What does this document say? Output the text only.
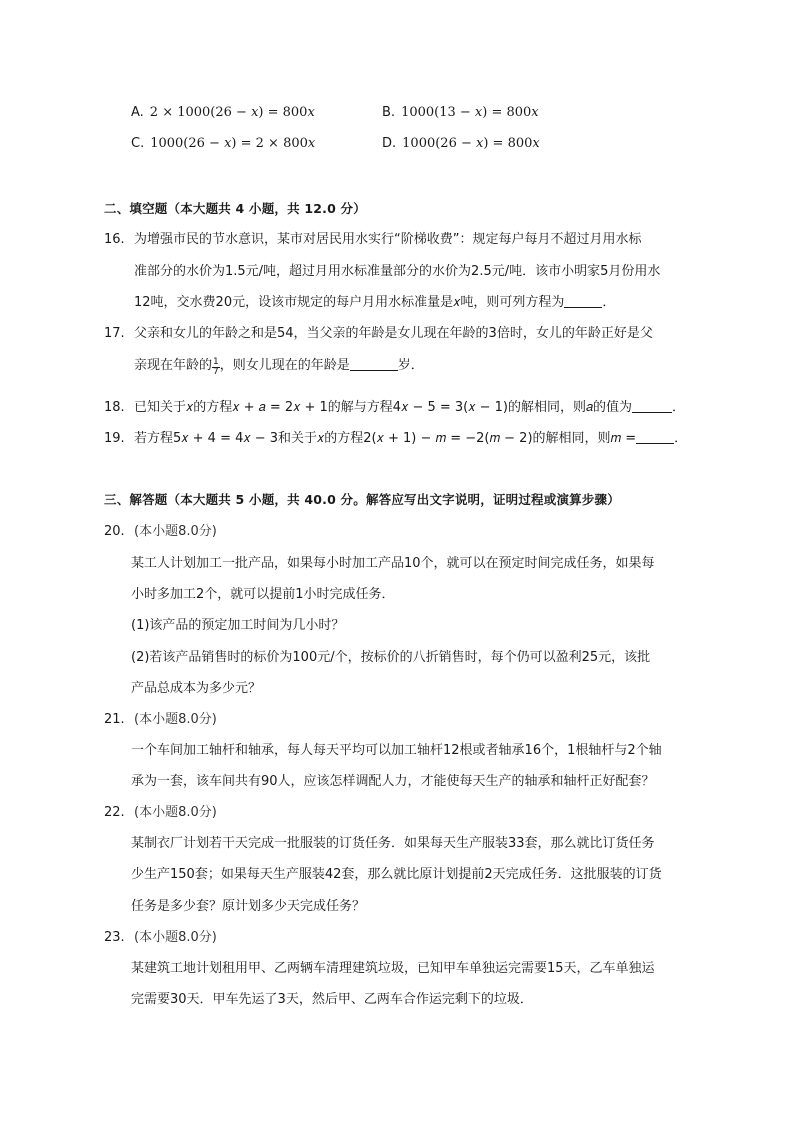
A. 2 × 1000(26 − 𝑥) = 800𝑥	B. 1000(13 − 𝑥) = 800𝑥
C. 1000(26 − 𝑥) = 2 × 800𝑥	D. 1000(26 − 𝑥) = 800𝑥
二、填空题（本大题共 4 小题，共 12.0 分）
16. 为增强市民的节水意识，某市对居民用水实行“阶梯收费”：规定每户每月不超过月用水标
准部分的水价为1.5元/吨，超过月用水标准量部分的水价为2.5元/吨．该市小明家5月份用水
12吨，交水费20元，设该市规定的每户月用水标准量是𝑥吨，则可列方程为	．
17. 父亲和女儿的年龄之和是54，当父亲的年龄是女儿现在年龄的3倍时，女儿的年龄正好是父
亲现在年龄的 $\frac{1}{7}$ ，则女儿现在的年龄是	岁．
18. 已知关于𝑥的方程𝑥 + 𝑎 = 2𝑥 + 1的解与方程4𝑥 − 5 = 3(𝑥 − 1)的解相同，则𝑎的值为	．
19. 若方程5𝑥 + 4 = 4𝑥 − 3和关于𝑥的方程2(𝑥 + 1) − 𝑚 = −2(𝑚 − 2)的解相同，则𝑚 =	．
三、解答题（本大题共 5 小题，共 40.0 分。解答应写出文字说明，证明过程或演算步骤）
20. (本小题8.0分)
某工人计划加工一批产品，如果每小时加工产品10个，就可以在预定时间完成任务，如果每
小时多加工2个，就可以提前1小时完成任务．
(1)该产品的预定加工时间为几小时？
(2)若该产品销售时的标价为100元/个，按标价的八折销售时，每个仍可以盈利25元，该批
产品总成本为多少元？
21. (本小题8.0分)
一个车间加工轴杆和轴承，每人每天平均可以加工轴杆12根或者轴承16个，1根轴杆与2个轴
承为一套，该车间共有90人，应该怎样调配人力，才能使每天生产的轴承和轴杆正好配套？
22. (本小题8.0分)
某制衣厂计划若干天完成一批服装的订货任务．如果每天生产服装33套，那么就比订货任务
少生产150套；如果每天生产服装42套，那么就比原计划提前2天完成任务．这批服装的订货
任务是多少套？原计划多少天完成任务？
23. (本小题8.0分)
某建筑工地计划租用甲、乙两辆车清理建筑垃圾，已知甲车单独运完需要15天，乙车单独运
完需要30天．甲车先运了3天，然后甲、乙两车合作运完剩下的垃圾．
